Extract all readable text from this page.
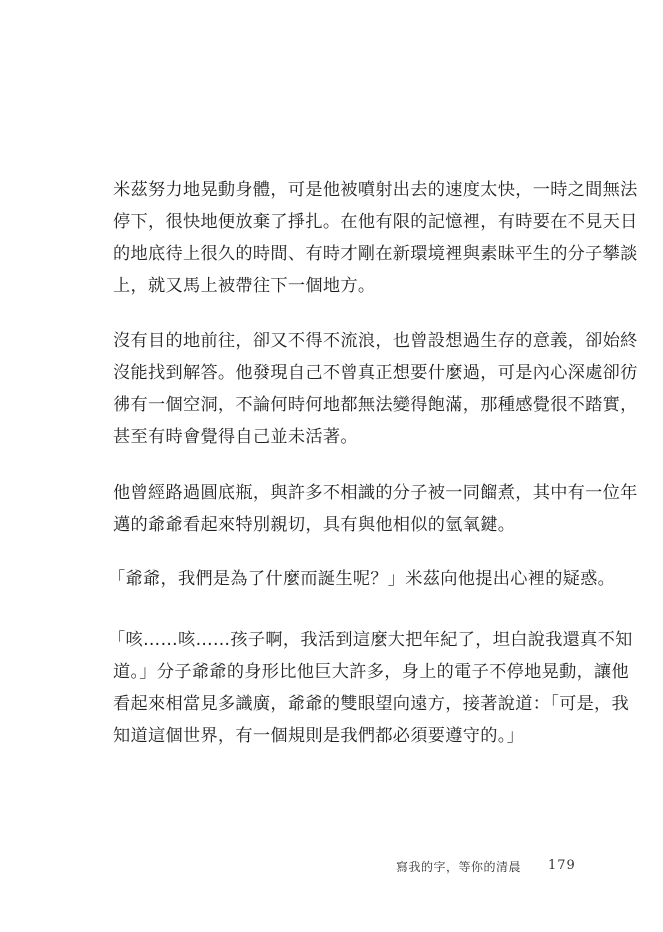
米茲努力地晃動身體，可是他被噴射出去的速度太快，一時之間無法
停下，很快地便放棄了掙扎。在他有限的記憶裡，有時要在不見天日
的地底待上很久的時間、有時才剛在新環境裡與素昧平生的分子攀談
上，就又馬上被帶往下一個地方。

沒有目的地前往，卻又不得不流浪，也曾設想過生存的意義，卻始終
沒能找到解答。他發現自己不曾真正想要什麼過，可是內心深處卻彷
彿有一個空洞，不論何時何地都無法變得飽滿，那種感覺很不踏實，
甚至有時會覺得自己並未活著。

他曾經路過圓底瓶，與許多不相識的分子被一同餾煮，其中有一位年
邁的爺爺看起來特別親切，具有與他相似的氫氧鍵。

「爺爺，我們是為了什麼而誕生呢？」米茲向他提出心裡的疑惑。

「咳……咳……孩子啊，我活到這麼大把年紀了，坦白說我還真不知
道。」分子爺爺的身形比他巨大許多，身上的電子不停地晃動，讓他
看起來相當見多識廣，爺爺的雙眼望向遠方，接著說道：「可是，我
知道這個世界，有一個規則是我們都必須要遵守的。」

寫我的字，等你的清晨 179
